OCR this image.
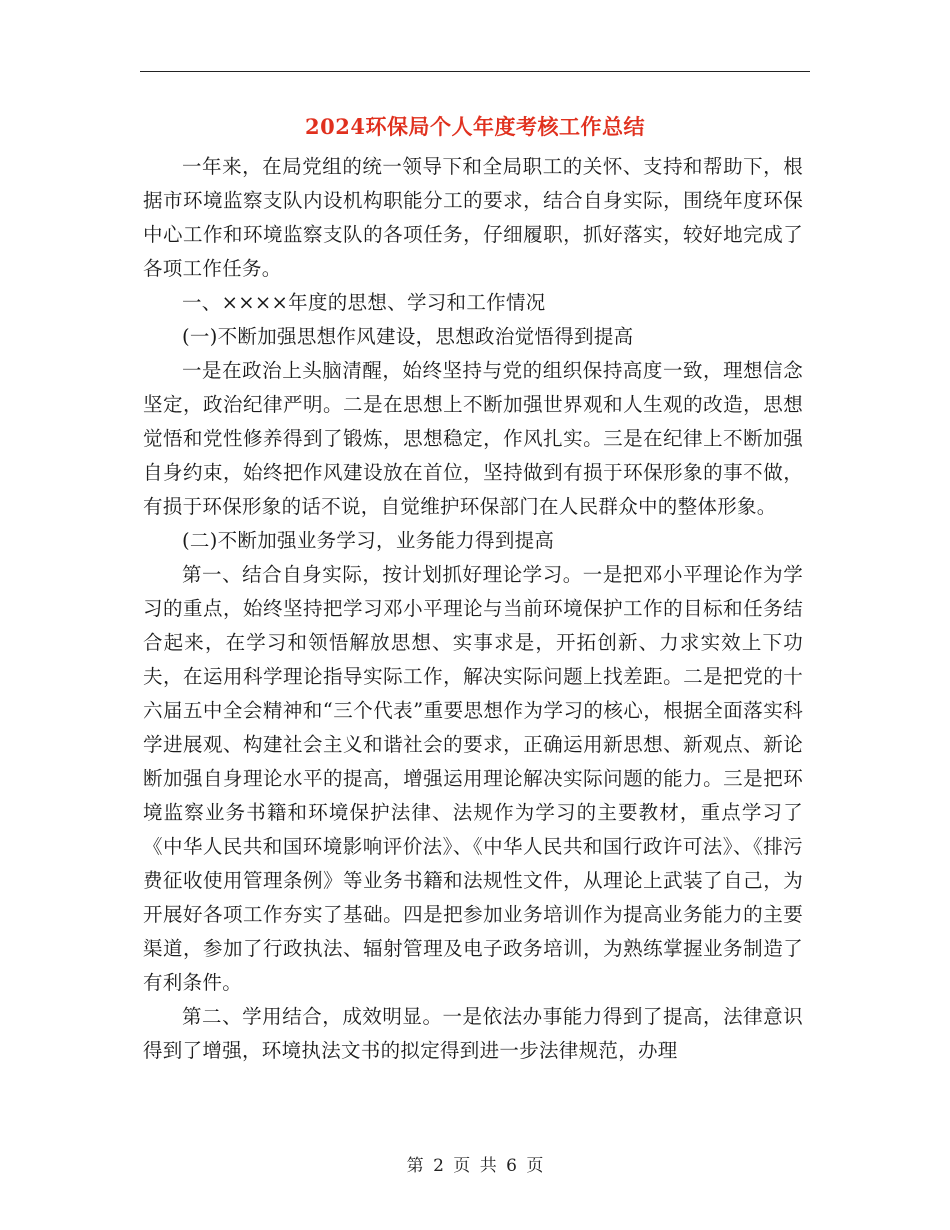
2024环保局个人年度考核工作总结

一年来，在局党组的统一领导下和全局职工的关怀、支持和帮助下，根据市环境监察支队内设机构职能分工的要求，结合自身实际，围绕年度环保中心工作和环境监察支队的各项任务，仔细履职，抓好落实，较好地完成了各项工作任务。

一、××××年度的思想、学习和工作情况

(一)不断加强思想作风建设，思想政治觉悟得到提高

一是在政治上头脑清醒，始终坚持与党的组织保持高度一致，理想信念坚定，政治纪律严明。二是在思想上不断加强世界观和人生观的改造，思想觉悟和党性修养得到了锻炼，思想稳定，作风扎实。三是在纪律上不断加强自身约束，始终把作风建设放在首位，坚持做到有损于环保形象的事不做，有损于环保形象的话不说，自觉维护环保部门在人民群众中的整体形象。

(二)不断加强业务学习，业务能力得到提高

第一、结合自身实际，按计划抓好理论学习。一是把邓小平理论作为学习的重点，始终坚持把学习邓小平理论与当前环境保护工作的目标和任务结合起来，在学习和领悟解放思想、实事求是，开拓创新、力求实效上下功夫，在运用科学理论指导实际工作，解决实际问题上找差距。二是把党的十六届五中全会精神和“三个代表”重要思想作为学习的核心，根据全面落实科学进展观、构建社会主义和谐社会的要求，正确运用新思想、新观点、新论断加强自身理论水平的提高，增强运用理论解决实际问题的能力。三是把环境监察业务书籍和环境保护法律、法规作为学习的主要教材，重点学习了《中华人民共和国环境影响评价法》、《中华人民共和国行政许可法》、《排污费征收使用管理条例》等业务书籍和法规性文件，从理论上武装了自己，为开展好各项工作夯实了基础。四是把参加业务培训作为提高业务能力的主要渠道，参加了行政执法、辐射管理及电子政务培训，为熟练掌握业务制造了有利条件。

第二、学用结合，成效明显。一是依法办事能力得到了提高，法律意识得到了增强，环境执法文书的拟定得到进一步法律规范，办理

第 2 页 共 6 页
